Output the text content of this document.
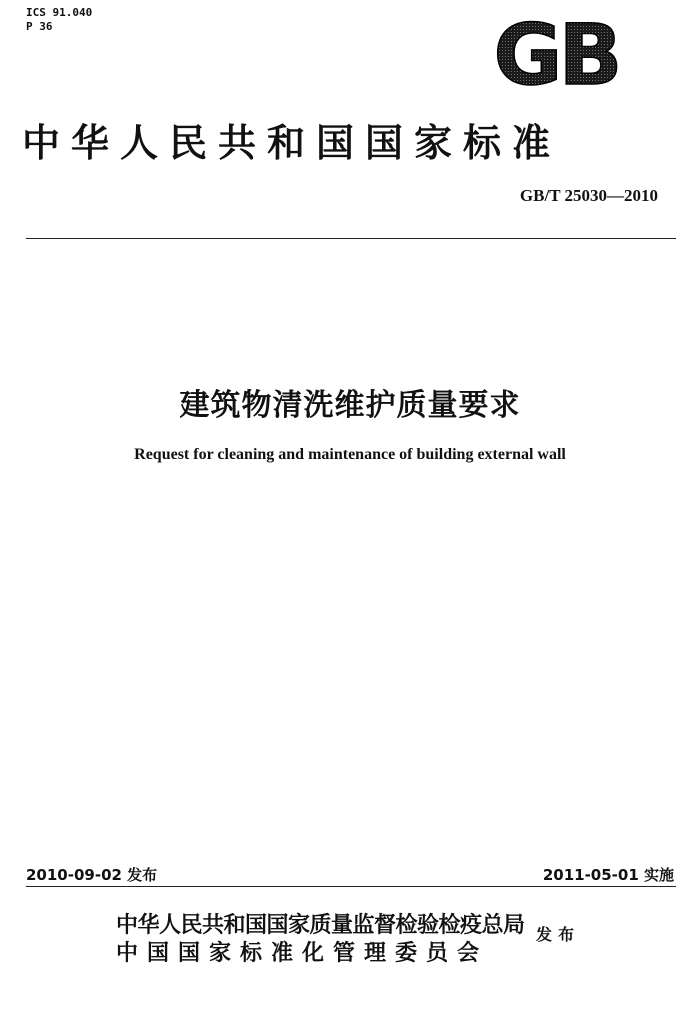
ICS 91.040
P 36	GB
中华人民共和国国家标准
GB/T 25030—2010
建筑物清洗维护质量要求
Request for cleaning and maintenance of building external wall
2010-09-02 发布	2011-05-01 实施
中华人民共和国国家质量监督检验检疫总局
中国国家标准化管理委员会
发布
